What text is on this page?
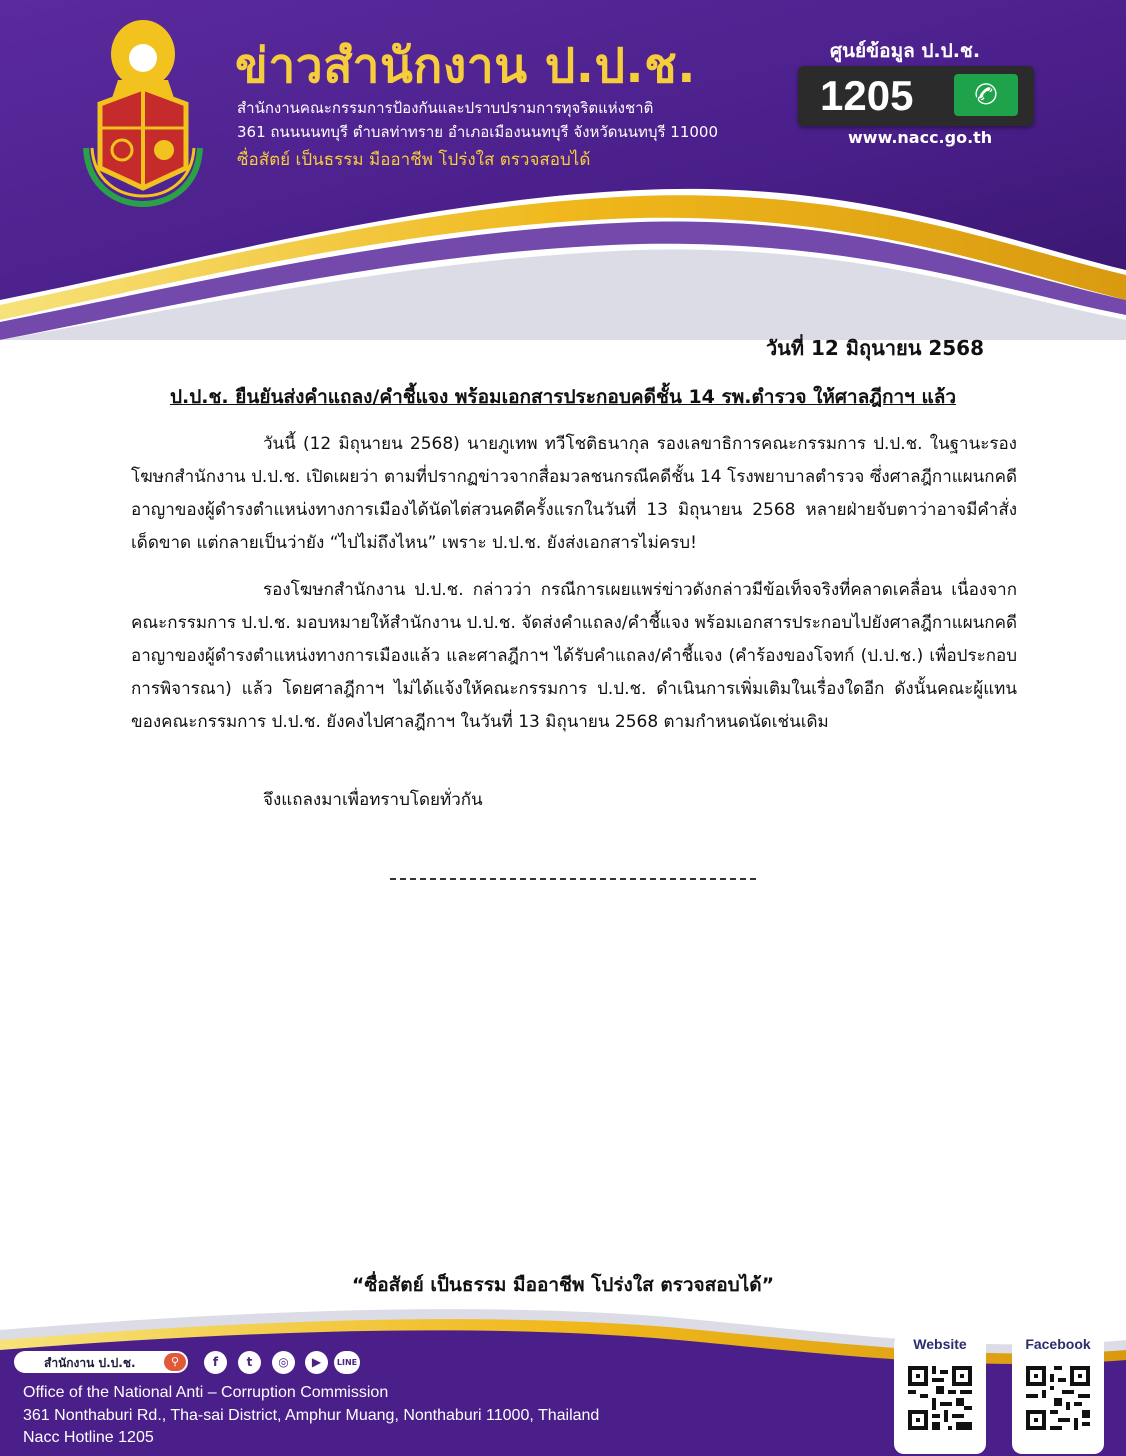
ข่าวสำนักงาน ป.ป.ช.
สำนักงานคณะกรรมการป้องกันและปราบปรามการทุจริตแห่งชาติ
361 ถนนนนทบุรี ตำบลท่าทราย อำเภอเมืองนนทบุรี จังหวัดนนทบุรี 11000
ซื่อสัตย์ เป็นธรรม มืออาชีพ โปร่งใส ตรวจสอบได้
ศูนย์ข้อมูล ป.ป.ช.
1205 ✆
www.nacc.go.th
วันที่ 12 มิถุนายน 2568
ป.ป.ช. ยืนยันส่งคำแถลง/คำชี้แจง พร้อมเอกสารประกอบคดีชั้น 14 รพ.ตำรวจ ให้ศาลฎีกาฯ แล้ว

วันนี้ (12 มิถุนายน 2568) นายภูเทพ ทวีโชติธนากุล รองเลขาธิการคณะกรรมการ ป.ป.ช. ในฐานะรองโฆษกสำนักงาน ป.ป.ช. เปิดเผยว่า ตามที่ปรากฏข่าวจากสื่อมวลชนกรณีคดีชั้น 14 โรงพยาบาลตำรวจ ซึ่งศาลฎีกาแผนกคดีอาญาของผู้ดำรงตำแหน่งทางการเมืองได้นัดไต่สวนคดีครั้งแรกในวันที่ 13 มิถุนายน 2568 หลายฝ่ายจับตาว่าอาจมีคำสั่งเด็ดขาด แต่กลายเป็นว่ายัง “ไปไม่ถึงไหน” เพราะ ป.ป.ช. ยังส่งเอกสารไม่ครบ!

รองโฆษกสำนักงาน ป.ป.ช. กล่าวว่า กรณีการเผยแพร่ข่าวดังกล่าวมีข้อเท็จจริงที่คลาดเคลื่อน เนื่องจากคณะกรรมการ ป.ป.ช. มอบหมายให้สำนักงาน ป.ป.ช. จัดส่งคำแถลง/คำชี้แจง พร้อมเอกสารประกอบไปยังศาลฎีกาแผนกคดีอาญาของผู้ดำรงตำแหน่งทางการเมืองแล้ว และศาลฎีกาฯ ได้รับคำแถลง/คำชี้แจง (คำร้องของโจทก์ (ป.ป.ช.) เพื่อประกอบการพิจารณา) แล้ว โดยศาลฎีกาฯ ไม่ได้แจ้งให้คณะกรรมการ ป.ป.ช. ดำเนินการเพิ่มเติมในเรื่องใดอีก ดังนั้นคณะผู้แทนของคณะกรรมการ ป.ป.ช. ยังคงไปศาลฎีกาฯ ในวันที่ 13 มิถุนายน 2568 ตามกำหนดนัดเช่นเดิม

จึงแถลงมาเพื่อทราบโดยทั่วกัน

“ซื่อสัตย์ เป็นธรรม มืออาชีพ โปร่งใส ตรวจสอบได้”
สำนักงาน ป.ป.ช.	⚲	f	t	◎	▶	LINE
Office of the National Anti – Corruption Commission
361 Nonthaburi Rd., Tha-sai District, Amphur Muang, Nonthaburi 11000, Thailand
Nacc Hotline 1205
Website	Facebook
